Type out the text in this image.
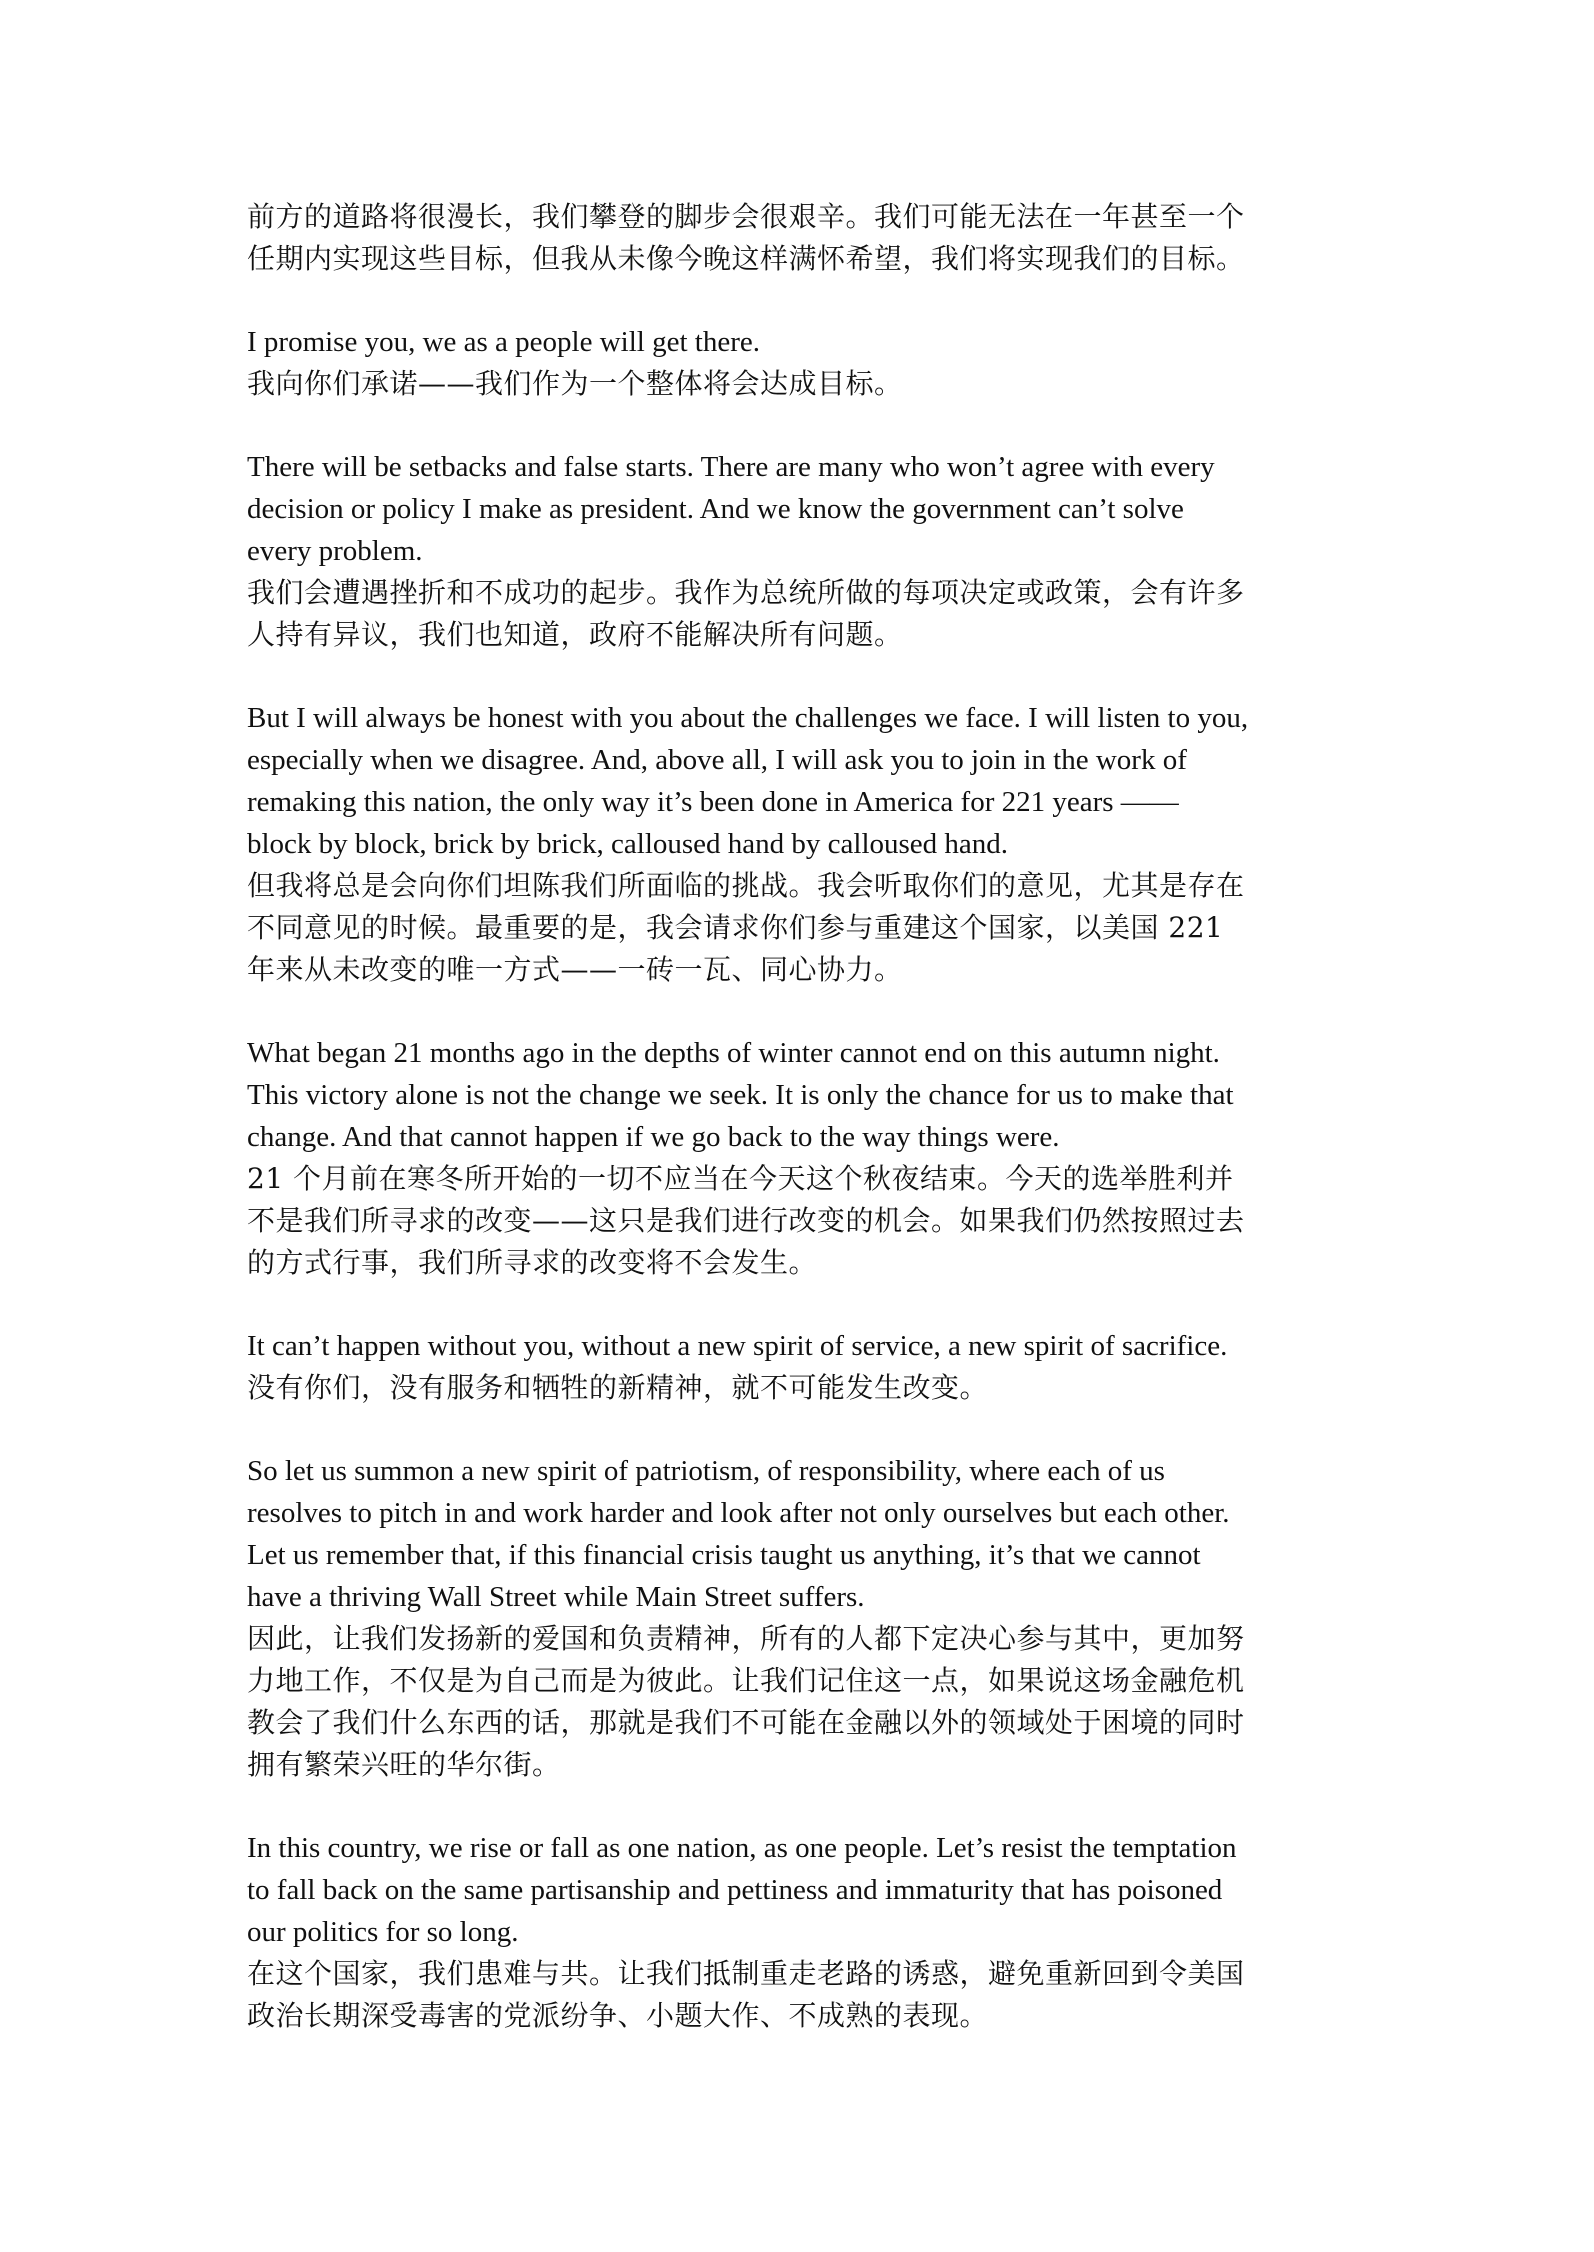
前方的道路将很漫长，我们攀登的脚步会很艰辛。我们可能无法在一年甚至一个
任期内实现这些目标，但我从未像今晚这样满怀希望，我们将实现我们的目标。
I promise you, we as a people will get there.
我向你们承诺——我们作为一个整体将会达成目标。
There will be setbacks and false starts. There are many who won’t agree with every
decision or policy I make as president. And we know the government can’t solve
every problem.
我们会遭遇挫折和不成功的起步。我作为总统所做的每项决定或政策，会有许多
人持有异议，我们也知道，政府不能解决所有问题。
But I will always be honest with you about the challenges we face. I will listen to you,
especially when we disagree. And, above all, I will ask you to join in the work of
remaking this nation, the only way it’s been done in America for 221 years ——
block by block, brick by brick, calloused hand by calloused hand.
但我将总是会向你们坦陈我们所面临的挑战。我会听取你们的意见，尤其是存在
不同意见的时候。最重要的是，我会请求你们参与重建这个国家，以美国 221
年来从未改变的唯一方式——一砖一瓦、同心协力。
What began 21 months ago in the depths of winter cannot end on this autumn night.
This victory alone is not the change we seek. It is only the chance for us to make that
change. And that cannot happen if we go back to the way things were.
21 个月前在寒冬所开始的一切不应当在今天这个秋夜结束。今天的选举胜利并
不是我们所寻求的改变——这只是我们进行改变的机会。如果我们仍然按照过去
的方式行事，我们所寻求的改变将不会发生。
It can’t happen without you, without a new spirit of service, a new spirit of sacrifice.
没有你们，没有服务和牺牲的新精神，就不可能发生改变。
So let us summon a new spirit of patriotism, of responsibility, where each of us
resolves to pitch in and work harder and look after not only ourselves but each other.
Let us remember that, if this financial crisis taught us anything, it’s that we cannot
have a thriving Wall Street while Main Street suffers.
因此，让我们发扬新的爱国和负责精神，所有的人都下定决心参与其中，更加努
力地工作，不仅是为自己而是为彼此。让我们记住这一点，如果说这场金融危机
教会了我们什么东西的话，那就是我们不可能在金融以外的领域处于困境的同时
拥有繁荣兴旺的华尔街。
In this country, we rise or fall as one nation, as one people. Let’s resist the temptation
to fall back on the same partisanship and pettiness and immaturity that has poisoned
our politics for so long.
在这个国家，我们患难与共。让我们抵制重走老路的诱惑，避免重新回到令美国
政治长期深受毒害的党派纷争、小题大作、不成熟的表现。
